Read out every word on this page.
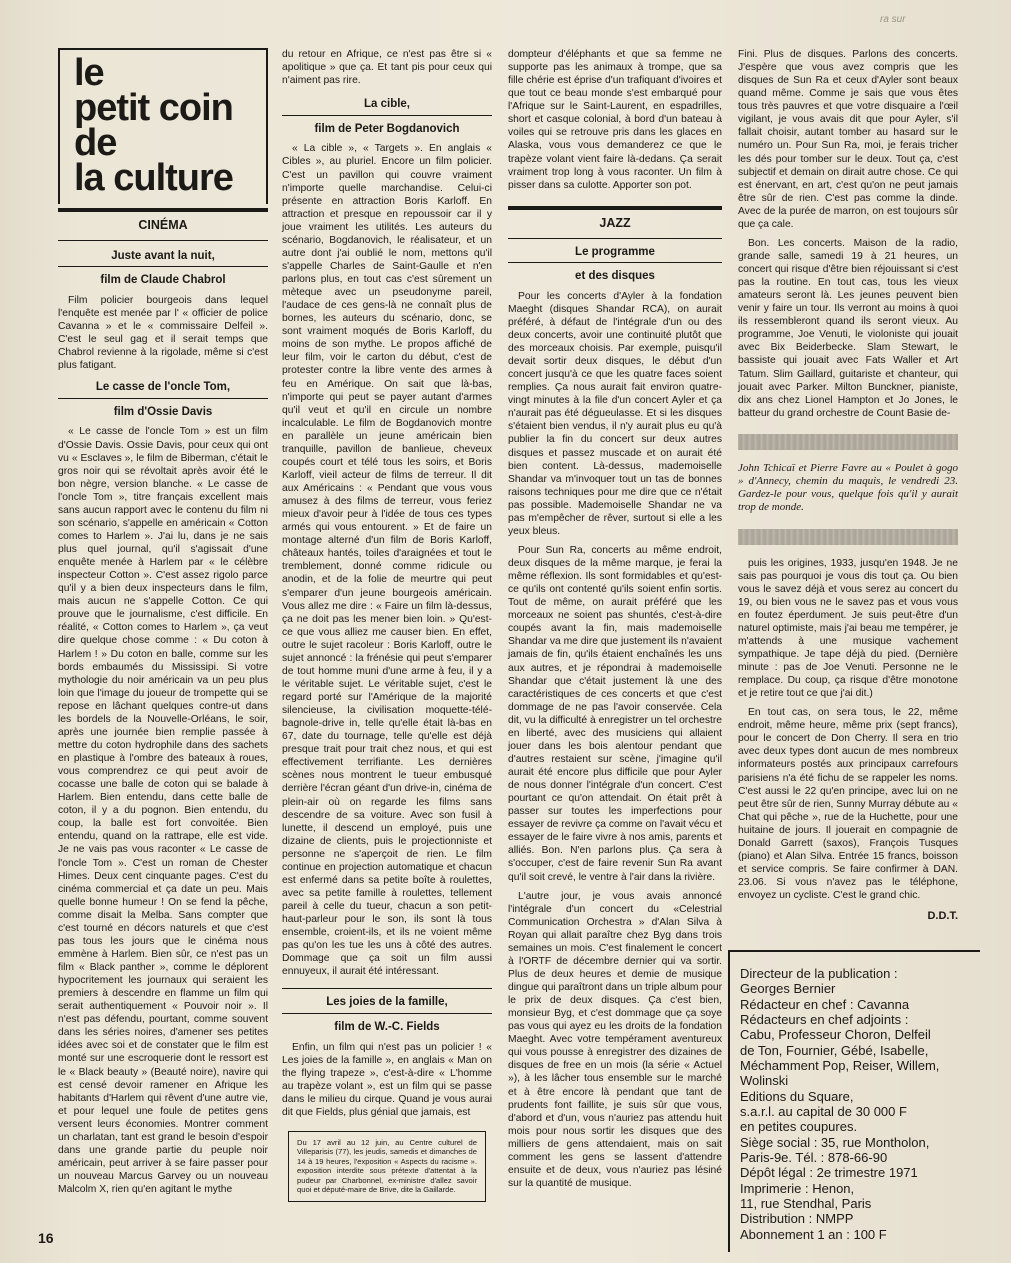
ra sur
le
petit coin
de
la culture
CINÉMA
Juste avant la nuit,
film de Claude Chabrol

Film policier bourgeois dans lequel l'enquête est menée par l' « officier de police Cavanna » et le « commissaire Delfeil ». C'est le seul gag et il serait temps que Chabrol revienne à la rigolade, même si c'est plus fatigant.

Le casse de l'oncle Tom,
film d'Ossie Davis

« Le casse de l'oncle Tom » est un film d'Ossie Davis. Ossie Davis, pour ceux qui ont vu « Esclaves », le film de Biberman, c'était le gros noir qui se révoltait après avoir été le bon nègre, version blanche. « Le casse de l'oncle Tom », titre français excellent mais sans aucun rapport avec le contenu du film ni son scénario, s'appelle en américain « Cotton comes to Harlem ». J'ai lu, dans je ne sais plus quel journal, qu'il s'agissait d'une enquête menée à Harlem par « le célèbre inspecteur Cotton ». C'est assez rigolo parce qu'il y a bien deux inspecteurs dans le film, mais aucun ne s'appelle Cotton. Ce qui prouve que le journalisme, c'est difficile. En réalité, « Cotton comes to Harlem », ça veut dire quelque chose comme : « Du coton à Harlem ! » Du coton en balle, comme sur les bords embaumés du Mississipi. Si votre mythologie du noir américain va un peu plus loin que l'image du joueur de trompette qui se repose en lâchant quelques contre-ut dans les bordels de la Nouvelle-Orléans, le soir, après une journée bien remplie passée à mettre du coton hydrophile dans des sachets en plastique à l'ombre des bateaux à roues, vous comprendrez ce qui peut avoir de cocasse une balle de coton qui se balade à Harlem. Bien entendu, dans cette balle de coton, il y a du pognon. Bien entendu, du coup, la balle est fort convoitée. Bien entendu, quand on la rattrape, elle est vide. Je ne vais pas vous raconter « Le casse de l'oncle Tom ». C'est un roman de Chester Himes. Deux cent cinquante pages. C'est du cinéma commercial et ça date un peu. Mais quelle bonne humeur ! On se fend la pêche, comme disait la Melba. Sans compter que c'est tourné en décors naturels et que c'est pas tous les jours que le cinéma nous emmène à Harlem. Bien sûr, ce n'est pas un film « Black panther », comme le déplorent hypocritement les journaux qui seraient les premiers à descendre en flamme un film qui serait authentiquement « Pouvoir noir ». Il n'est pas défendu, pourtant, comme souvent dans les séries noires, d'amener ses petites idées avec soi et de constater que le film est monté sur une escroquerie dont le ressort est le « Black beauty » (Beauté noire), navire qui est censé devoir ramener en Afrique les habitants d'Harlem qui rêvent d'une autre vie, et pour lequel une foule de petites gens versent leurs économies. Montrer comment un charlatan, tant est grand le besoin d'espoir dans une grande partie du peuple noir américain, peut arriver à se faire passer pour un nouveau Marcus Garvey ou un nouveau Malcolm X, rien qu'en agitant le mythe

du retour en Afrique, ce n'est pas être si « apolitique » que ça. Et tant pis pour ceux qui n'aiment pas rire.

La cible,
film de Peter Bogdanovich

« La cible », « Targets ». En anglais « Cibles », au pluriel. Encore un film policier. C'est un pavillon qui couvre vraiment n'importe quelle marchandise. Celui-ci présente en attraction Boris Karloff. En attraction et presque en repoussoir car il y joue vraiment les utilités. Les auteurs du scénario, Bogdanovich, le réalisateur, et un autre dont j'ai oublié le nom, mettons qu'il s'appelle Charles de Saint-Gaulle et n'en parlons plus, en tout cas c'est sûrement un mèteque avec un pseudonyme pareil, l'audace de ces gens-là ne connaît plus de bornes, les auteurs du scénario, donc, se sont vraiment moqués de Boris Karloff, du moins de son mythe. Le propos affiché de leur film, voir le carton du début, c'est de protester contre la libre vente des armes à feu en Amérique. On sait que là-bas, n'importe qui peut se payer autant d'armes qu'il veut et qu'il en circule un nombre incalculable. Le film de Bogdanovich montre en parallèle un jeune américain bien tranquille, pavillon de banlieue, cheveux coupés court et télé tous les soirs, et Boris Karloff, vieil acteur de films de terreur. Il dit aux Américains : « Pendant que vous vous amusez à des films de terreur, vous feriez mieux d'avoir peur à l'idée de tous ces types armés qui vous entourent. » Et de faire un montage alterné d'un film de Boris Karloff, châteaux hantés, toiles d'araignées et tout le tremblement, donné comme ridicule ou anodin, et de la folie de meurtre qui peut s'emparer d'un jeune bourgeois américain. Vous allez me dire : « Faire un film là-dessus, ça ne doit pas les mener bien loin. » Qu'est-ce que vous alliez me causer bien. En effet, outre le sujet racoleur : Boris Karloff, outre le sujet annoncé : la frénésie qui peut s'emparer de tout homme muni d'une arme à feu, il y a le véritable sujet. Le véritable sujet, c'est le regard porté sur l'Amérique de la majorité silencieuse, la civilisation moquette-télé-bagnole-drive in, telle qu'elle était là-bas en 67, date du tournage, telle qu'elle est déjà presque trait pour trait chez nous, et qui est effectivement terrifiante. Les dernières scènes nous montrent le tueur embusqué derrière l'écran géant d'un drive-in, cinéma de plein-air où on regarde les films sans descendre de sa voiture. Avec son fusil à lunette, il descend un employé, puis une dizaine de clients, puis le projectionniste et personne ne s'aperçoit de rien. Le film continue en projection automatique et chacun est enfermé dans sa petite boîte à roulettes, avec sa petite famille à roulettes, tellement pareil à celle du tueur, chacun a son petit-haut-parleur pour le son, ils sont là tous ensemble, croient-ils, et ils ne voient même pas qu'on les tue les uns à côté des autres. Dommage que ça soit un film aussi ennuyeux, il aurait été intéressant.

Les joies de la famille,
film de W.-C. Fields

Enfin, un film qui n'est pas un policier ! « Les joies de la famille », en anglais « Man on the flying trapeze », c'est-à-dire « L'homme au trapèze volant », est un film qui se passe dans le milieu du cirque. Quand je vous aurai dit que Fields, plus génial que jamais, est

Du 17 avril au 12 juin, au Centre culturel de Villeparisis (77), les jeudis, samedis et dimanches de 14 à 19 heures, l'exposition « Aspects du racisme ». exposition interdite sous prétexte d'attentat à la pudeur par Charbonnel, ex-ministre d'allez savoir quoi et député-maire de Brive, dite la Gaillarde.

dompteur d'éléphants et que sa femme ne supporte pas les animaux à trompe, que sa fille chérie est éprise d'un trafiquant d'ivoires et que tout ce beau monde s'est embarqué pour l'Afrique sur le Saint-Laurent, en espadrilles, short et casque colonial, à bord d'un bateau à voiles qui se retrouve pris dans les glaces en Alaska, vous vous demanderez ce que le trapèze volant vient faire là-dedans. Ça serait vraiment trop long à vous raconter. Un film à pisser dans sa culotte. Apporter son pot.

JAZZ
Le programme
et des disques

Pour les concerts d'Ayler à la fondation Maeght (disques Shandar RCA), on aurait préféré, à défaut de l'intégrale d'un ou des deux concerts, avoir une continuité plutôt que des morceaux choisis. Par exemple, puisqu'il devait sortir deux disques, le début d'un concert jusqu'à ce que les quatre faces soient remplies. Ça nous aurait fait environ quatre-vingt minutes à la file d'un concert Ayler et ça n'aurait pas été dégueulasse. Et si les disques s'étaient bien vendus, il n'y aurait plus eu qu'à publier la fin du concert sur deux autres disques et passez muscade et on aurait été bien content. Là-dessus, mademoiselle Shandar va m'invoquer tout un tas de bonnes raisons techniques pour me dire que ce n'était pas possible. Mademoiselle Shandar ne va pas m'empêcher de rêver, surtout si elle a les yeux bleus.

Pour Sun Ra, concerts au même endroit, deux disques de la même marque, je ferai la même réflexion. Ils sont formidables et qu'est-ce qu'ils ont contenté qu'ils soient enfin sortis. Tout de même, on aurait préféré que les morceaux ne soient pas shuntés, c'est-à-dire coupés avant la fin, mais mademoiselle Shandar va me dire que justement ils n'avaient jamais de fin, qu'ils étaient enchaînés les uns aux autres, et je répondrai à mademoiselle Shandar que c'était justement là une des caractéristiques de ces concerts et que c'est dommage de ne pas l'avoir conservée. Cela dit, vu la difficulté à enregistrer un tel orchestre en liberté, avec des musiciens qui allaient jouer dans les bois alentour pendant que d'autres restaient sur scène, j'imagine qu'il aurait été encore plus difficile que pour Ayler de nous donner l'intégrale d'un concert. C'est pourtant ce qu'on attendait. On était prêt à passer sur toutes les imperfections pour essayer de revivre ça comme on l'avait vécu et essayer de le faire vivre à nos amis, parents et alliés. Bon. N'en parlons plus. Ça sera à s'occuper, c'est de faire revenir Sun Ra avant qu'il soit crevé, le ventre à l'air dans la rivière.

L'autre jour, je vous avais annoncé l'intégrale d'un concert du «Celestrial Communication Orchestra » d'Alan Silva à Royan qui allait paraître chez Byg dans trois semaines un mois. C'est finalement le concert à l'ORTF de décembre dernier qui va sortir. Plus de deux heures et demie de musique dingue qui paraîtront dans un triple album pour le prix de deux disques. Ça c'est bien, monsieur Byg, et c'est dommage que ça soye pas vous qui ayez eu les droits de la fondation Maeght. Avec votre tempérament aventureux qui vous pousse à enregistrer des dizaines de disques de free en un mois (la série « Actuel »), à les lâcher tous ensemble sur le marché et à être encore là pendant que tant de prudents font faillite, je suis sûr que vous, d'abord et d'un, vous n'auriez pas attendu huit mois pour nous sortir les disques que des milliers de gens attendaient, mais on sait comment les gens se lassent d'attendre ensuite et de deux, vous n'auriez pas lésiné sur la quantité de musique.

Fini. Plus de disques. Parlons des concerts. J'espère que vous avez compris que les disques de Sun Ra et ceux d'Ayler sont beaux quand même. Comme je sais que vous êtes tous très pauvres et que votre disquaire a l'œil vigilant, je vous avais dit que pour Ayler, s'il fallait choisir, autant tomber au hasard sur le numéro un. Pour Sun Ra, moi, je ferais tricher les dés pour tomber sur le deux. Tout ça, c'est subjectif et demain on dirait autre chose. Ce qui est énervant, en art, c'est qu'on ne peut jamais être sûr de rien. C'est pas comme la dinde. Avec de la purée de marron, on est toujours sûr que ça cale.

Bon. Les concerts. Maison de la radio, grande salle, samedi 19 à 21 heures, un concert qui risque d'être bien réjouissant si c'est pas la routine. En tout cas, tous les vieux amateurs seront là. Les jeunes peuvent bien venir y faire un tour. Ils verront au moins à quoi ils ressembleront quand ils seront vieux. Au programme, Joe Venuti, le violoniste qui jouait avec Bix Beiderbecke. Slam Stewart, le bassiste qui jouait avec Fats Waller et Art Tatum. Slim Gaillard, guitariste et chanteur, qui jouait avec Parker. Milton Bunckner, pianiste, dix ans chez Lionel Hampton et Jo Jones, le batteur du grand orchestre de Count Basie de-

John Tchicaï et Pierre Favre au « Poulet à gogo » d'Annecy, chemin du maquis, le vendredi 23. Gardez-le pour vous, quelque fois qu'il y aurait trop de monde.

puis les origines, 1933, jusqu'en 1948. Je ne sais pas pourquoi je vous dis tout ça. Ou bien vous le savez déjà et vous serez au concert du 19, ou bien vous ne le savez pas et vous vous en foutez éperdument. Je suis peut-être d'un naturel optimiste, mais j'ai beau me tempérer, je m'attends à une musique vachement sympathique. Je tape déjà du pied. (Dernière minute : pas de Joe Venuti. Personne ne le remplace. Du coup, ça risque d'être monotone et je retire tout ce que j'ai dit.)

En tout cas, on sera tous, le 22, même endroit, même heure, même prix (sept francs), pour le concert de Don Cherry. Il sera en trio avec deux types dont aucun de mes nombreux informateurs postés aux principaux carrefours parisiens n'a été fichu de se rappeler les noms. C'est aussi le 22 qu'en principe, avec lui on ne peut être sûr de rien, Sunny Murray débute au « Chat qui pêche », rue de la Huchette, pour une huitaine de jours. Il jouerait en compagnie de Donald Garrett (saxos), François Tusques (piano) et Alan Silva. Entrée 15 francs, boisson et service compris. Se faire confirmer à DAN. 23.06. Si vous n'avez pas le téléphone, envoyez un cycliste. C'est le grand chic.

D.D.T.
Directeur de la publication :
Georges Bernier
Rédacteur en chef : Cavanna
Rédacteurs en chef adjoints :
Cabu, Professeur Choron, Delfeil
de Ton, Fournier, Gébé, Isabelle,
Méchamment Pop, Reiser, Willem,
Wolinski
Editions du Square,
s.a.r.l. au capital de 30 000 F
en petites coupures.
Siège social : 35, rue Montholon,
Paris-9e. Tél. : 878-66-90
Dépôt légal : 2e trimestre 1971
Imprimerie : Henon,
11, rue Stendhal, Paris
Distribution : NMPP
Abonnement 1 an : 100 F
16
